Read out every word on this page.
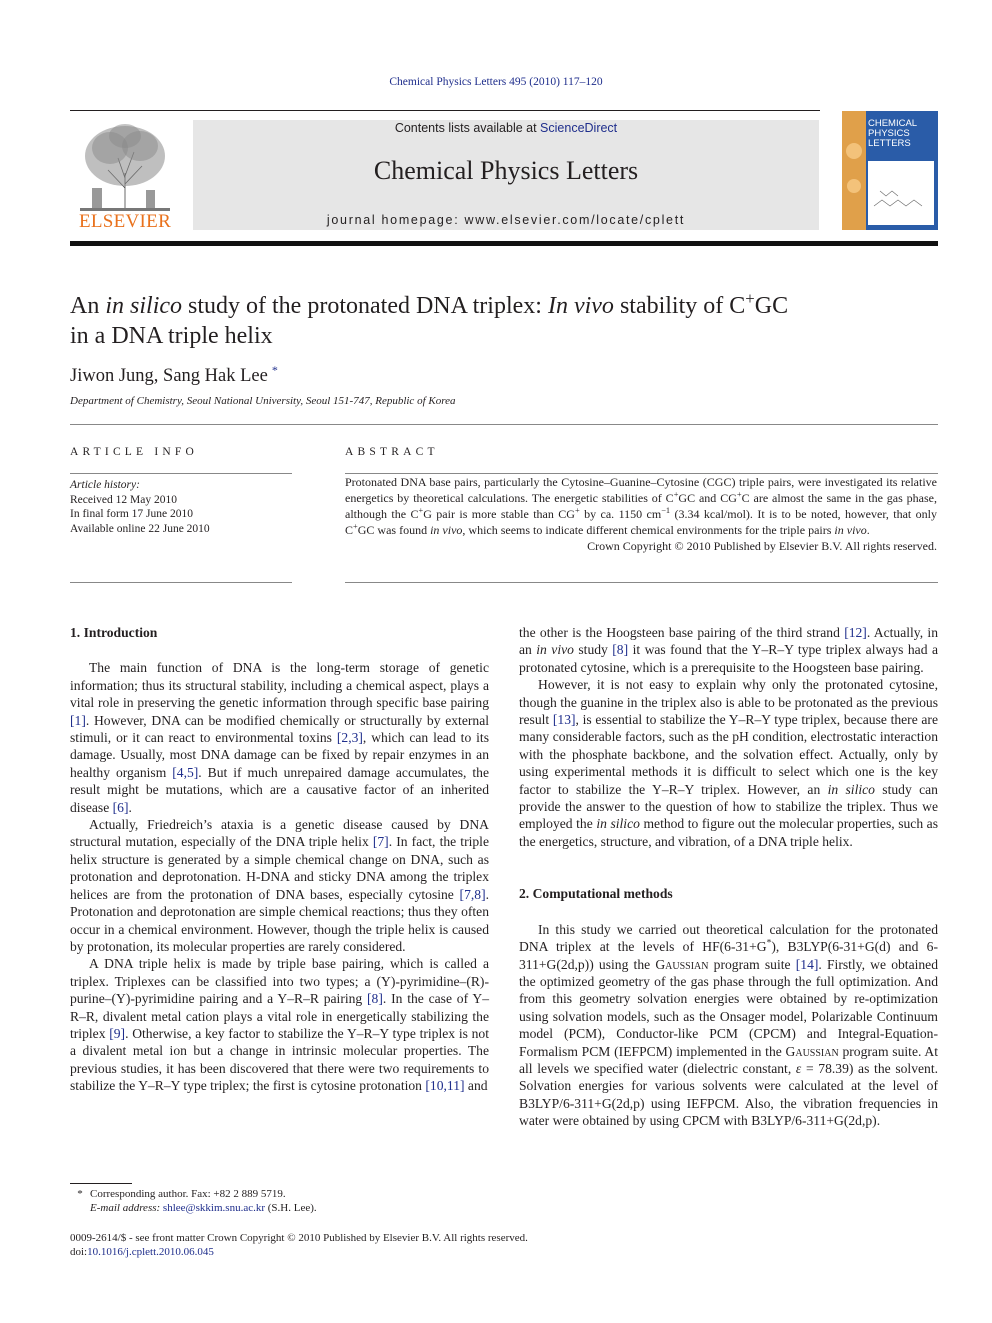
Chemical Physics Letters 495 (2010) 117–120
ELSEVIER
Contents lists available at ScienceDirect
Chemical Physics Letters
journal homepage: www.elsevier.com/locate/cplett
CHEMICAL PHYSICS LETTERS
An in silico study of the protonated DNA triplex: In vivo stability of C+GC
in a DNA triple helix
Jiwon Jung, Sang Hak Lee *
Department of Chemistry, Seoul National University, Seoul 151-747, Republic of Korea
ARTICLE INFO
Article history:
Received 12 May 2010
In final form 17 June 2010
Available online 22 June 2010
ABSTRACT
Protonated DNA base pairs, particularly the Cytosine–Guanine–Cytosine (CGC) triple pairs, were investigated its relative energetics by theoretical calculations. The energetic stabilities of C+GC and CG+C are almost the same in the gas phase, although the C+G pair is more stable than CG+ by ca. 1150 $cm^{-1}$ (3.34 kcal/mol). It is to be noted, however, that only C+GC was found in vivo, which seems to indicate different chemical environments for the triple pairs in vivo.
Crown Copyright © 2010 Published by Elsevier B.V. All rights reserved.
1. Introduction

The main function of DNA is the long-term storage of genetic information; thus its structural stability, including a chemical aspect, plays a vital role in preserving the genetic information through specific base pairing [1]. However, DNA can be modified chemically or structurally by external stimuli, or it can react to environmental toxins [2,3], which can lead to its damage. Usually, most DNA damage can be fixed by repair enzymes in an healthy organism [4,5]. But if much unrepaired damage accumulates, the result might be mutations, which are a causative factor of an inherited disease [6].

Actually, Friedreich’s ataxia is a genetic disease caused by DNA structural mutation, especially of the DNA triple helix [7]. In fact, the triple helix structure is generated by a simple chemical change on DNA, such as protonation and deprotonation. H-DNA and sticky DNA among the triplex helices are from the protonation of DNA bases, especially cytosine [7,8]. Protonation and deprotonation are simple chemical reactions; thus they often occur in a chemical environment. However, though the triple helix is caused by protonation, its molecular properties are rarely considered.

A DNA triple helix is made by triple base pairing, which is called a triplex. Triplexes can be classified into two types; a (Y)-pyrimidine–(R)-purine–(Y)-pyrimidine pairing and a Y–R–R pairing [8]. In the case of Y–R–R, divalent metal cation plays a vital role in energetically stabilizing the triplex [9]. Otherwise, a key factor to stabilize the Y–R–Y type triplex is not a divalent metal ion but a change in intrinsic molecular properties. The previous studies, it has been discovered that there were two requirements to stabilize the Y–R–Y type triplex; the first is cytosine protonation [10,11] and

* Corresponding author. Fax: +82 2 889 5719.
E-mail address: shlee@skkim.snu.ac.kr (S.H. Lee).

the other is the Hoogsteen base pairing of the third strand [12]. Actually, in an in vivo study [8] it was found that the Y–R–Y type triplex always had a protonated cytosine, which is a prerequisite to the Hoogsteen base pairing.

However, it is not easy to explain why only the protonated cytosine, though the guanine in the triplex also is able to be protonated as the previous result [13], is essential to stabilize the Y–R–Y type triplex, because there are many considerable factors, such as the pH condition, electrostatic interaction with the phosphate backbone, and the solvation effect. Actually, only by using experimental methods it is difficult to select which one is the key factor to stabilize the Y–R–Y triplex. However, an in silico study can provide the answer to the question of how to stabilize the triplex. Thus we employed the in silico method to figure out the molecular properties, such as the energetics, structure, and vibration, of a DNA triple helix.

2. Computational methods

In this study we carried out theoretical calculation for the protonated DNA triplex at the levels of HF(6-31+G*), B3LYP(6-31+G(d) and 6-311+G(2d,p)) using the Gaussian program suite [14]. Firstly, we obtained the optimized geometry of the gas phase through the full optimization. And from this geometry solvation energies were obtained by re-optimization using solvation models, such as the Onsager model, Polarizable Continuum model (PCM), Conductor-like PCM (CPCM) and Integral-Equation-Formalism PCM (IEFPCM) implemented in the Gaussian program suite. At all levels we specified water (dielectric constant, ε = 78.39) as the solvent. Solvation energies for various solvents were calculated at the level of B3LYP/6-311+G(2d,p) using IEFPCM. Also, the vibration frequencies in water were obtained by using CPCM with B3LYP/6-311+G(2d,p).

0009-2614/$ - see front matter Crown Copyright © 2010 Published by Elsevier B.V. All rights reserved.
doi:10.1016/j.cplett.2010.06.045
